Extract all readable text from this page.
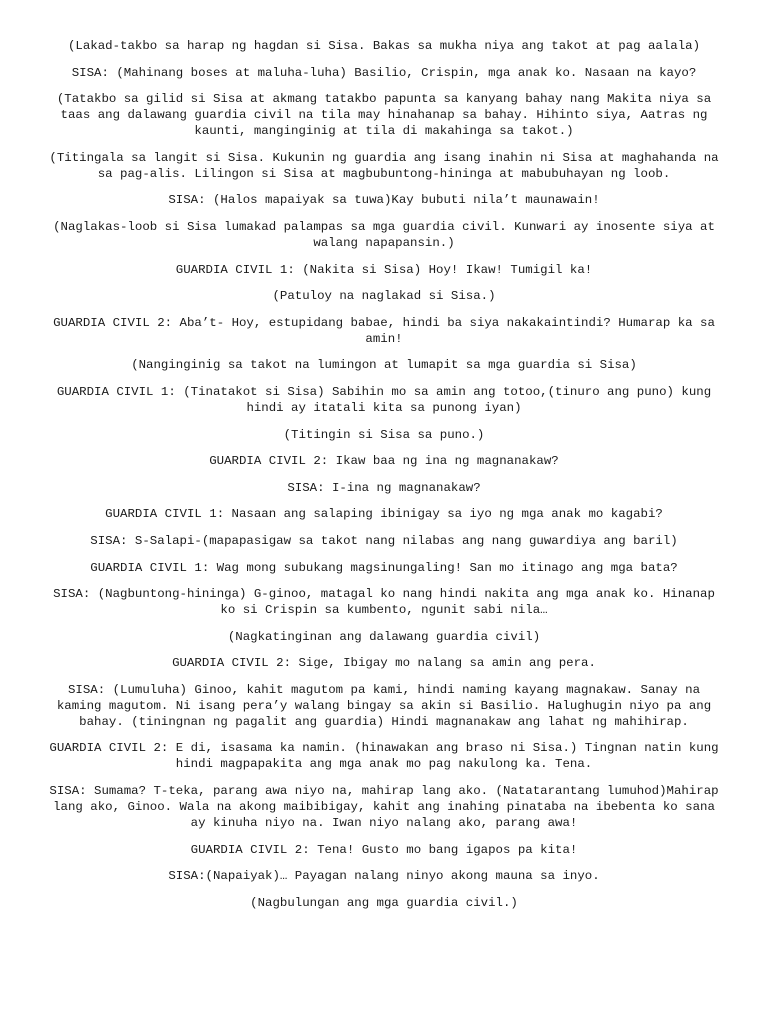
(Lakad-takbo sa harap ng hagdan si Sisa. Bakas sa mukha niya ang takot at pag aalala)

SISA: (Mahinang boses at maluha-luha) Basilio, Crispin, mga anak ko. Nasaan na kayo?

(Tatakbo sa gilid si Sisa at akmang tatakbo papunta sa kanyang bahay nang Makita niya sa taas ang dalawang guardia civil na tila may hinahanap sa bahay. Hihinto siya, Aatras ng kaunti, manginginig at tila di makahinga sa takot.)

(Titingala sa langit si Sisa. Kukunin ng guardia ang isang inahin ni Sisa at maghahanda na sa pag-alis. Lilingon si Sisa at magbubuntong-hininga at mabubuhayan ng loob.

SISA: (Halos mapaiyak sa tuwa)Kay bubuti nila’t maunawain!

(Naglakas-loob si Sisa lumakad palampas sa mga guardia civil. Kunwari ay inosente siya at walang napapansin.)

GUARDIA CIVIL 1: (Nakita si Sisa) Hoy! Ikaw! Tumigil ka!

(Patuloy na naglakad si Sisa.)

GUARDIA CIVIL 2: Aba’t- Hoy, estupidang babae, hindi ba siya nakakaintindi? Humarap ka sa amin!

(Nanginginig sa takot na lumingon at lumapit sa mga guardia si Sisa)

GUARDIA CIVIL 1: (Tinatakot si Sisa) Sabihin mo sa amin ang totoo,(tinuro ang puno) kung hindi ay itatali kita sa punong iyan)

(Titingin si Sisa sa puno.)

GUARDIA CIVIL 2: Ikaw baa ng ina ng magnanakaw?

SISA: I-ina ng magnanakaw?

GUARDIA CIVIL 1: Nasaan ang salaping ibinigay sa iyo ng mga anak mo kagabi?

SISA: S-Salapi-(mapapasigaw sa takot nang nilabas ang nang guwardiya ang baril)

GUARDIA CIVIL 1: Wag mong subukang magsinungaling! San mo itinago ang mga bata?

SISA: (Nagbuntong-hininga) G-ginoo, matagal ko nang hindi nakita ang mga anak ko. Hinanap ko si Crispin sa kumbento, ngunit sabi nila…

(Nagkatinginan ang dalawang guardia civil)

GUARDIA CIVIL 2: Sige, Ibigay mo nalang sa amin ang pera.

SISA: (Lumuluha) Ginoo, kahit magutom pa kami, hindi naming kayang magnakaw. Sanay na kaming magutom. Ni isang pera’y walang bingay sa akin si Basilio. Halughugin niyo pa ang bahay. (tiningnan ng pagalit ang guardia) Hindi magnanakaw ang lahat ng mahihirap.

GUARDIA CIVIL 2: E di, isasama ka namin. (hinawakan ang braso ni Sisa.) Tingnan natin kung hindi magpapakita ang mga anak mo pag nakulong ka. Tena.

SISA: Sumama? T-teka, parang awa niyo na, mahirap lang ako. (Natatarantang lumuhod)Mahirap lang ako, Ginoo. Wala na akong maibibigay, kahit ang inahing pinataba na ibebenta ko sana ay kinuha niyo na. Iwan niyo nalang ako, parang awa!

GUARDIA CIVIL 2: Tena! Gusto mo bang igapos pa kita!

SISA:(Napaiyak)… Payagan nalang ninyo akong mauna sa inyo.

(Nagbulungan ang mga guardia civil.)
